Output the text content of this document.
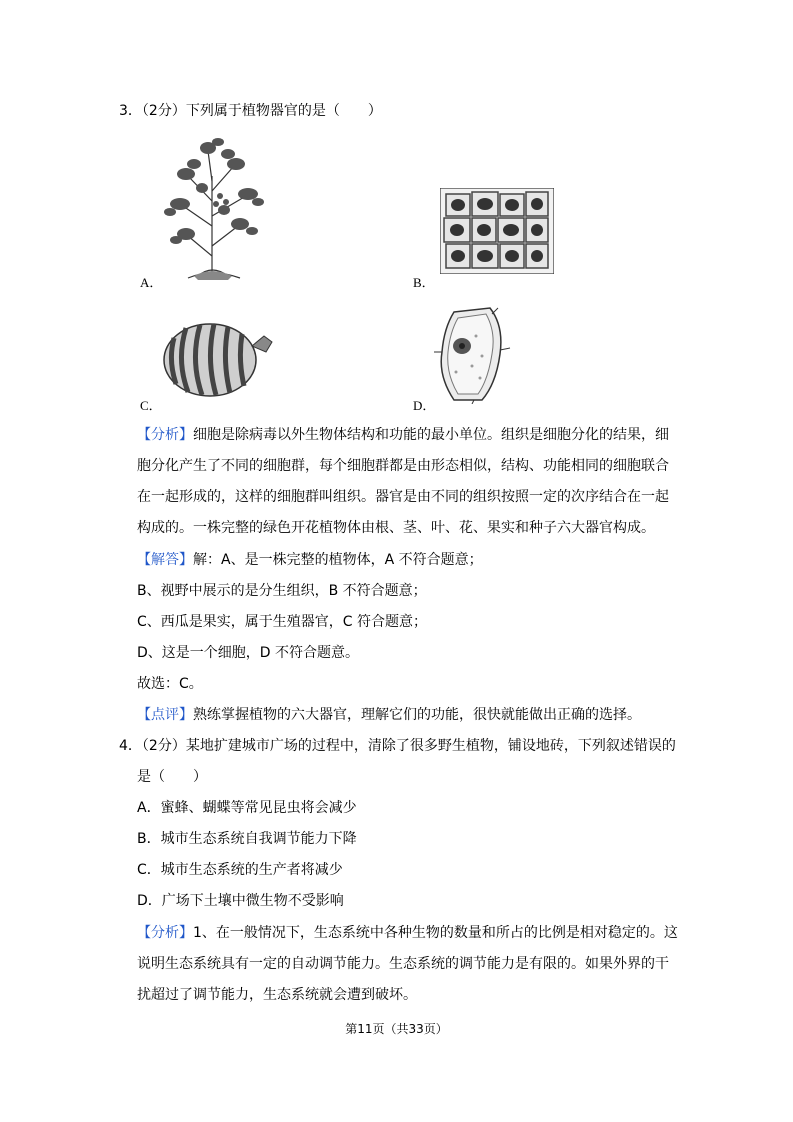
3．（2分）下列属于植物器官的是（　　）
A．	B．
C．	D．
【分析】细胞是除病毒以外生物体结构和功能的最小单位。组织是细胞分化的结果，细
胞分化产生了不同的细胞群，每个细胞群都是由形态相似，结构、功能相同的细胞联合
在一起形成的，这样的细胞群叫组织。器官是由不同的组织按照一定的次序结合在一起
构成的。一株完整的绿色开花植物体由根、茎、叶、花、果实和种子六大器官构成。
【解答】解：A、是一株完整的植物体，A 不符合题意；
B、视野中展示的是分生组织，B 不符合题意；
C、西瓜是果实，属于生殖器官，C 符合题意；
D、这是一个细胞，D 不符合题意。
故选：C。
【点评】熟练掌握植物的六大器官，理解它们的功能，很快就能做出正确的选择。
4．（2分）某地扩建城市广场的过程中，清除了很多野生植物，铺设地砖，下列叙述错误的
是（　　）
A．蜜蜂、蝴蝶等常见昆虫将会减少
B．城市生态系统自我调节能力下降
C．城市生态系统的生产者将减少
D．广场下土壤中微生物不受影响
【分析】1、在一般情况下，生态系统中各种生物的数量和所占的比例是相对稳定的。这
说明生态系统具有一定的自动调节能力。生态系统的调节能力是有限的。如果外界的干
扰超过了调节能力，生态系统就会遭到破坏。
第11页（共33页）
